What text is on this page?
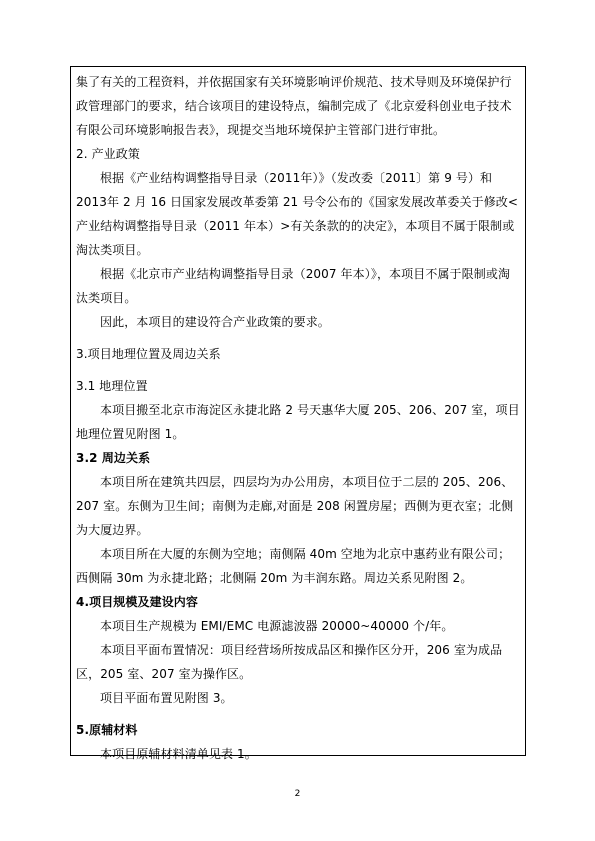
集了有关的工程资料，并依据国家有关环境影响评价规范、技术导则及环境保护行政管理部门的要求，结合该项目的建设特点，编制完成了《北京爱科创业电子技术有限公司环境影响报告表》，现提交当地环境保护主管部门进行审批。

2. 产业政策

根据《产业结构调整指导目录（2011年）》（发改委〔2011〕第 9 号）和 2013年 2 月 16 日国家发展改革委第 21 号令公布的《国家发展改革委关于修改<产业结构调整指导目录（2011 年本）>有关条款的的决定》，本项目不属于限制或淘汰类项目。

根据《北京市产业结构调整指导目录（2007 年本）》，本项目不属于限制或淘汰类项目。

因此，本项目的建设符合产业政策的要求。

3.项目地理位置及周边关系

3.1 地理位置

本项目搬至北京市海淀区永捷北路 2 号天惠华大厦 205、206、207 室，项目地理位置见附图 1。

3.2 周边关系

本项目所在建筑共四层，四层均为办公用房，本项目位于二层的 205、206、207 室。东侧为卫生间；南侧为走廊,对面是 208 闲置房屋；西侧为更衣室；北侧为大厦边界。

本项目所在大厦的东侧为空地；南侧隔 40m 空地为北京中惠药业有限公司；西侧隔 30m 为永捷北路；北侧隔 20m 为丰润东路。周边关系见附图 2。

4.项目规模及建设内容

本项目生产规模为 EMI/EMC 电源滤波器 20000~40000 个/年。

本项目平面布置情况：项目经营场所按成品区和操作区分开，206 室为成品区，205 室、207 室为操作区。

项目平面布置见附图 3。

5.原辅材料

本项目原辅材料清单见表 1。

2
